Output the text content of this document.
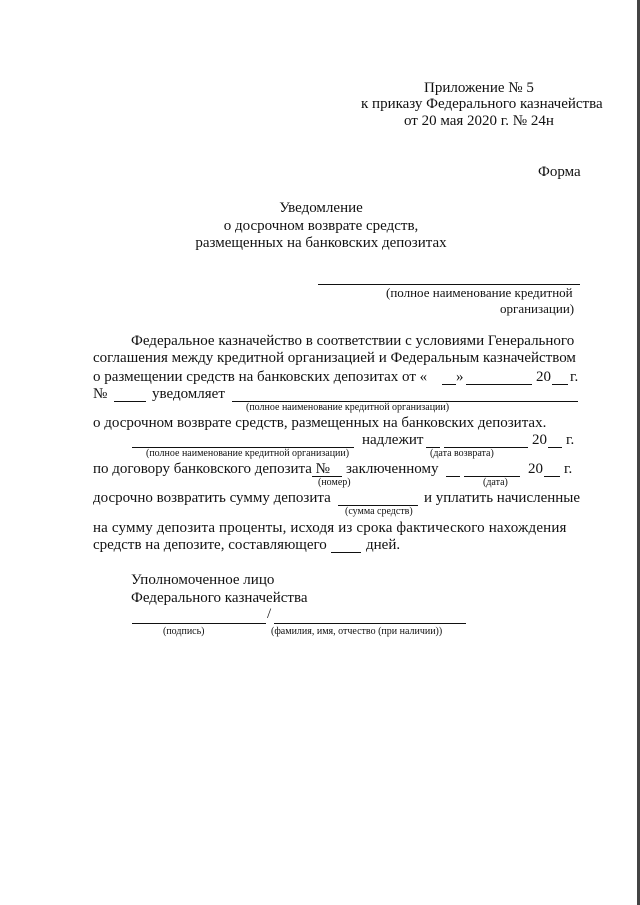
Приложение № 5
к приказу Федерального казначейства
от 20 мая 2020 г. № 24н
Форма
Уведомление
о досрочном возврате средств,
размещенных на банковских депозитах
(полное наименование кредитной
организации)
Федеральное казначейство в соответствии с условиями Генерального
соглашения между кредитной организацией и Федеральным казначейством
о размещении средств на банковских депозитах от « »	20 г.
№	уведомляет
(полное наименование кредитной организации)
о досрочном возврате средств, размещенных на банковских депозитах.
надлежит	20 г.
(полное наименование кредитной организации)	(дата возврата)
по договору банковского депозита № заключенному	20 г.
(номер)	(дата)
досрочно возвратить сумму депозита	и уплатить начисленные
(сумма средств)
на сумму депозита проценты, исходя из срока фактического нахождения
средств на депозите, составляющего	дней.
Уполномоченное лицо
Федерального казначейства
/
(подпись)	(фамилия, имя, отчество (при наличии))
